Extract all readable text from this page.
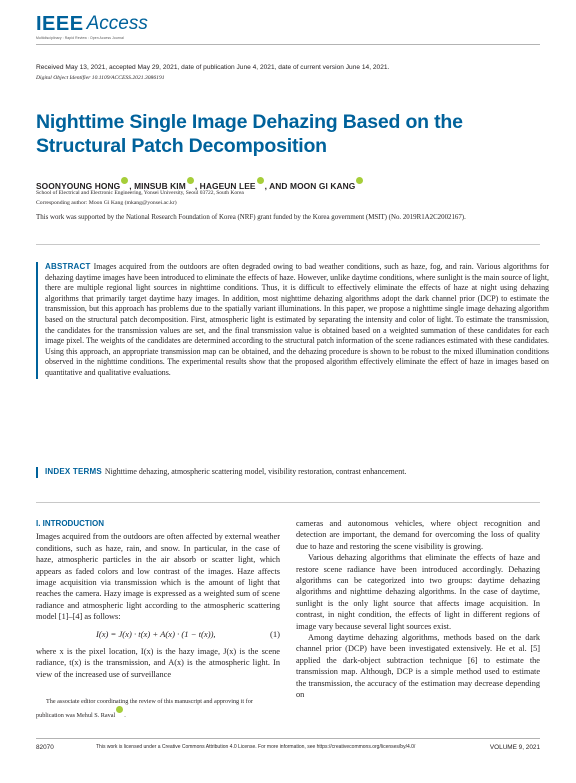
IEEE Access
Multidisciplinary : Rapid Review : Open Access Journal
Received May 13, 2021, accepted May 29, 2021, date of publication June 4, 2021, date of current version June 14, 2021.
Digital Object Identifier 10.1109/ACCESS.2021.3086191
Nighttime Single Image Dehazing Based on the Structural Patch Decomposition
SOONYOUNG HONG , MINSUB KIM , HAGEUN LEE , AND MOON GI KANG
School of Electrical and Electronic Engineering, Yonsei University, Seoul 03722, South Korea
Corresponding author: Moon Gi Kang (mkang@yonsei.ac.kr)
This work was supported by the National Research Foundation of Korea (NRF) grant funded by the Korea government (MSIT) (No. 2019R1A2C2002167).
ABSTRACT Images acquired from the outdoors are often degraded owing to bad weather conditions, such as haze, fog, and rain. Various algorithms for dehazing daytime images have been introduced to eliminate the effects of haze. However, unlike daytime conditions, where sunlight is the main source of light, there are multiple regional light sources in nighttime conditions. Thus, it is difficult to effectively eliminate the effects of haze at night using dehazing algorithms that primarily target daytime hazy images. In addition, most nighttime dehazing algorithms adopt the dark channel prior (DCP) to estimate the transmission, but this approach has problems due to the spatially variant illuminations. In this paper, we propose a nighttime single image dehazing algorithm based on the structural patch decomposition. First, atmospheric light is estimated by separating the intensity and color of light. To estimate the transmission, the candidates for the transmission values are set, and the final transmission value is obtained based on a weighted summation of these candidates for each image pixel. The weights of the candidates are determined according to the structural patch information of the scene radiances estimated with these candidates. Using this approach, an appropriate transmission map can be obtained, and the dehazing procedure is shown to be robust to the mixed illumination conditions observed in the nighttime conditions. The experimental results show that the proposed algorithm effectively eliminate the effect of haze in images based on quantitative and qualitative evaluations.
INDEX TERMS Nighttime dehazing, atmospheric scattering model, visibility restoration, contrast enhancement.
I. INTRODUCTION

Images acquired from the outdoors are often affected by external weather conditions, such as haze, rain, and snow. In particular, in the case of haze, atmospheric particles in the air absorb or scatter light, which appears as faded colors and low contrast of the images. Haze affects image acquisition via transmission which is the amount of light that reaches the camera. Hazy image is expressed as a weighted sum of scene radiance and atmospheric light according to the atmospheric scattering model [1]–[4] as follows:

I(x) = J(x) · t(x) + A(x) · (1 − t(x)),	(1)

where x is the pixel location, I(x) is the hazy image, J(x) is the scene radiance, t(x) is the transmission, and A(x) is the atmospheric light. In view of the increased use of surveillance

cameras and autonomous vehicles, where object recognition and detection are important, the demand for overcoming the loss of quality due to haze and restoring the scene visibility is growing.

Various dehazing algorithms that eliminate the effects of haze and restore scene radiance have been introduced accordingly. Dehazing algorithms can be categorized into two groups: daytime dehazing algorithms and nighttime dehazing algorithms. In the case of daytime, sunlight is the only light source that affects image acquisition. In contrast, in night condition, the effects of light in different regions of image vary because several light sources exist.

Among daytime dehazing algorithms, methods based on the dark channel prior (DCP) have been investigated extensively. He et al. [5] applied the dark-object subtraction technique [6] to estimate the transmission map. Although, DCP is a simple method used to estimate the transmission, the accuracy of the estimation may decrease depending on

The associate editor coordinating the review of this manuscript and approving it for publication was Mehul S. Raval .
82070	This work is licensed under a Creative Commons Attribution 4.0 License. For more information, see https://creativecommons.org/licenses/by/4.0/	VOLUME 9, 2021
